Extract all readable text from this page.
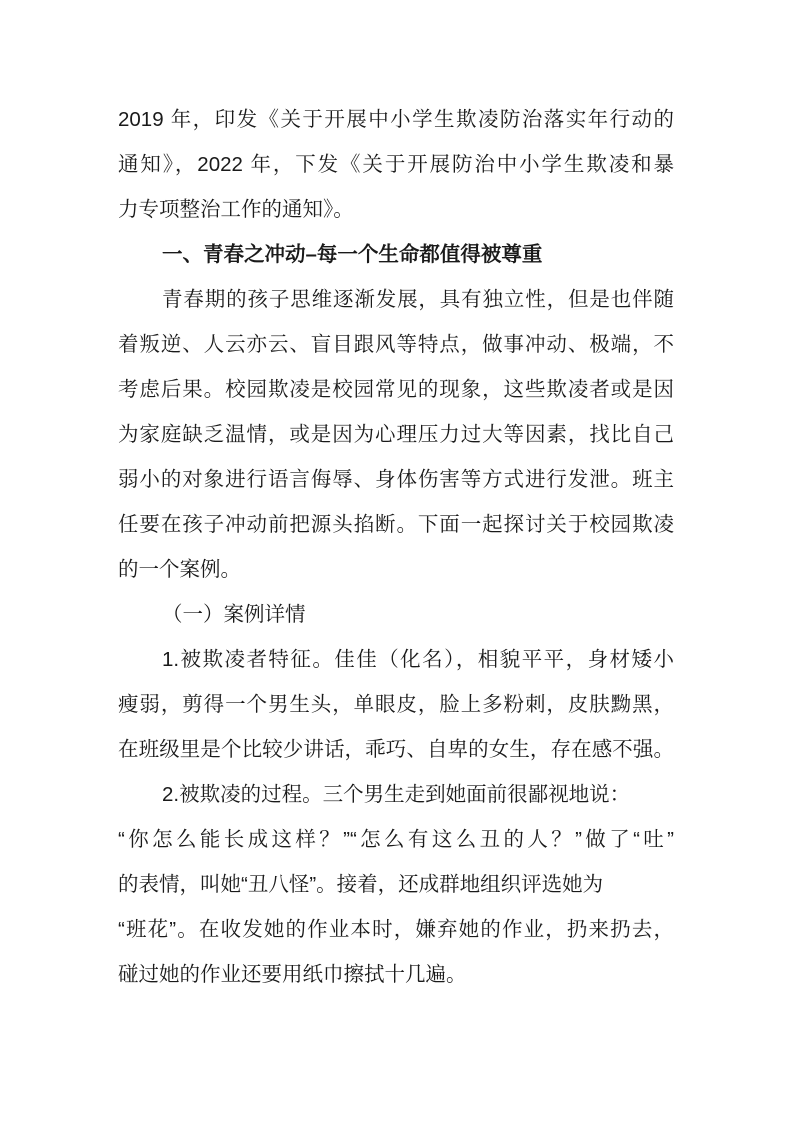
2019 年，印发《关于开展中小学生欺凌防治落实年行动的
通知》，2022 年，下发《关于开展防治中小学生欺凌和暴
力专项整治工作的通知》。
一、青春之冲动–每一个生命都值得被尊重
青春期的孩子思维逐渐发展，具有独立性，但是也伴随
着叛逆、人云亦云、盲目跟风等特点，做事冲动、极端，不
考虑后果。校园欺凌是校园常见的现象，这些欺凌者或是因
为家庭缺乏温情，或是因为心理压力过大等因素，找比自己
弱小的对象进行语言侮辱、身体伤害等方式进行发泄。班主
任要在孩子冲动前把源头掐断。下面一起探讨关于校园欺凌
的一个案例。
（一）案例详情
1.被欺凌者特征。佳佳（化名），相貌平平，身材矮小
瘦弱，剪得一个男生头，单眼皮，脸上多粉刺，皮肤黝黑，
在班级里是个比较少讲话，乖巧、自卑的女生，存在感不强。
2.被欺凌的过程。三个男生走到她面前很鄙视地说：
“你怎么能长成这样？”“怎么有这么丑的人？”做了“吐”
的表情，叫她“丑八怪”。接着，还成群地组织评选她为
“班花”。在收发她的作业本时，嫌弃她的作业，扔来扔去，
碰过她的作业还要用纸巾擦拭十几遍。
